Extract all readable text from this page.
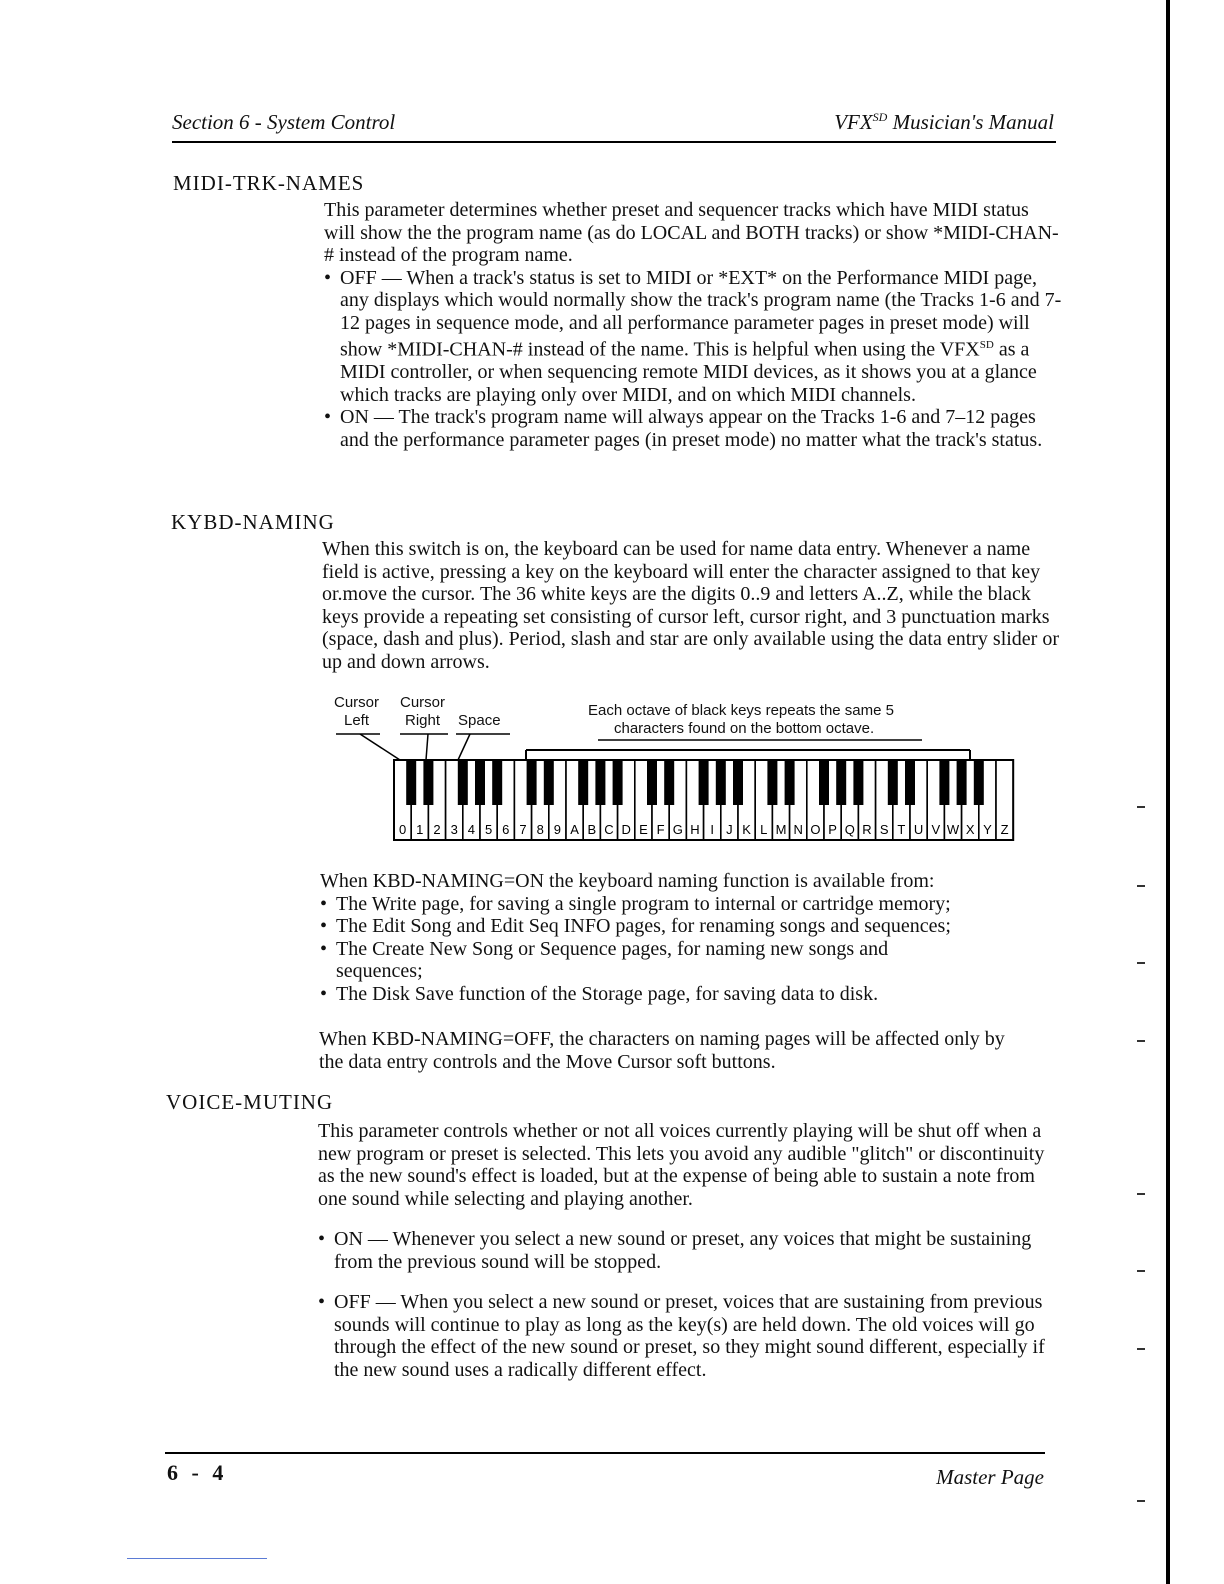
Section 6 - System Control	$VFX^{SD}$ Musician's Manual
MIDI-TRK-NAMES

This parameter determines whether preset and sequencer tracks which have MIDI status will show the the program name (as do LOCAL and BOTH tracks) or show *MIDI-CHAN-# instead of the program name.

• OFF — When a track's status is set to MIDI or *EXT* on the Performance MIDI page, any displays which would normally show the track's program name (the Tracks 1-6 and 7-12 pages in sequence mode, and all performance parameter pages in preset mode) will show *MIDI-CHAN-# instead of the name. This is helpful when using the $VFX^{SD}$ as a MIDI controller, or when sequencing remote MIDI devices, as it shows you at a glance which tracks are playing only over MIDI, and on which MIDI channels.

• ON — The track's program name will always appear on the Tracks 1-6 and 7–12 pages and the performance parameter pages (in preset mode) no matter what the track's status.

KYBD-NAMING
When this switch is on, the keyboard can be used for name data entry. Whenever a name field is active, pressing a key on the keyboard will enter the character assigned to that key or.move the cursor. The 36 white keys are the digits 0..9 and letters A..Z, while the black keys provide a repeating set consisting of cursor left, cursor right, and 3 punctuation marks (space, dash and plus). Period, slash and star are only available using the data entry slider or up and down arrows.
Cursor
Left
Cursor
Right	Space
Each octave of black keys repeats the same 5
characters found on the bottom octave.
0 1 2 3 4 5 6 7 8 9 A B C D E F G H I J K L M N O P Q R S T U V W X Y Z

When KBD-NAMING=ON the keyboard naming function is available from:

• The Write page, for saving a single program to internal or cartridge memory;

• The Edit Song and Edit Seq INFO pages, for renaming songs and sequences;

• The Create New Song or Sequence pages, for naming new songs and sequences;

• The Disk Save function of the Storage page, for saving data to disk.

When KBD-NAMING=OFF, the characters on naming pages will be affected only by the data entry controls and the Move Cursor soft buttons.
VOICE-MUTING

This parameter controls whether or not all voices currently playing will be shut off when a new program or preset is selected. This lets you avoid any audible "glitch" or discontinuity as the new sound's effect is loaded, but at the expense of being able to sustain a note from one sound while selecting and playing another.

• ON — Whenever you select a new sound or preset, any voices that might be sustaining from the previous sound will be stopped.

• OFF — When you select a new sound or preset, voices that are sustaining from previous sounds will continue to play as long as the key(s) are held down. The old voices will go through the effect of the new sound or preset, so they might sound different, especially if the new sound uses a radically different effect.

6 - 4	Master Page
